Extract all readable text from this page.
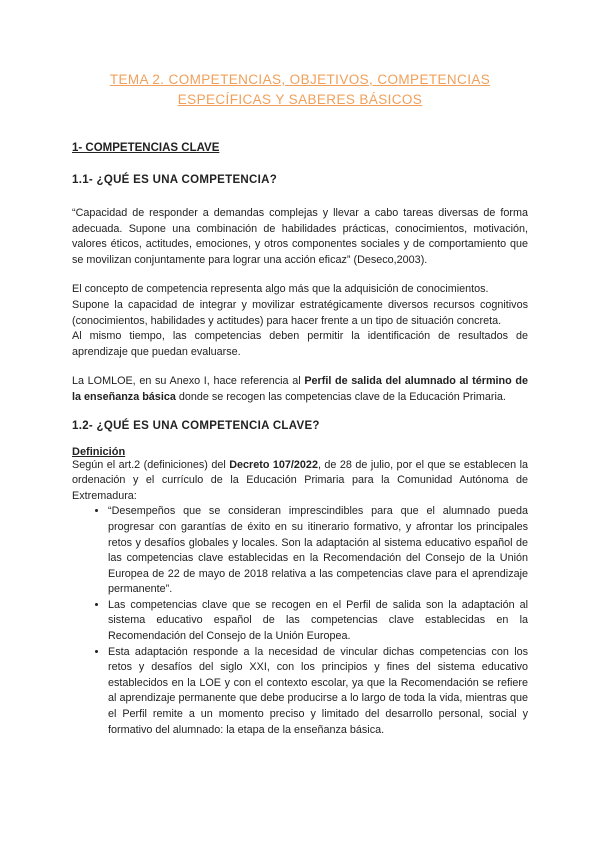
TEMA 2. COMPETENCIAS, OBJETIVOS, COMPETENCIAS ESPECÍFICAS Y SABERES BÁSICOS
1- COMPETENCIAS CLAVE
1.1- ¿QUÉ ES UNA COMPETENCIA?

“Capacidad de responder a demandas complejas y llevar a cabo tareas diversas de forma adecuada. Supone una combinación de habilidades prácticas, conocimientos, motivación, valores éticos, actitudes, emociones, y otros componentes sociales y de comportamiento que se movilizan conjuntamente para lograr una acción eficaz” (Deseco,2003).

El concepto de competencia representa algo más que la adquisición de conocimientos.

Supone la capacidad de integrar y movilizar estratégicamente diversos recursos cognitivos (conocimientos, habilidades y actitudes) para hacer frente a un tipo de situación concreta.

Al mismo tiempo, las competencias deben permitir la identificación de resultados de aprendizaje que puedan evaluarse.

La LOMLOE, en su Anexo I, hace referencia al Perfil de salida del alumnado al término de la enseñanza básica donde se recogen las competencias clave de la Educación Primaria.

1.2- ¿QUÉ ES UNA COMPETENCIA CLAVE?
Definición

Según el art.2 (definiciones) del Decreto 107/2022, de 28 de julio, por el que se establecen la ordenación y el currículo de la Educación Primaria para la Comunidad Autónoma de Extremadura:

• “Desempeños que se consideran imprescindibles para que el alumnado pueda progresar con garantías de éxito en su itinerario formativo, y afrontar los principales retos y desafíos globales y locales. Son la adaptación al sistema educativo español de las competencias clave establecidas en la Recomendación del Consejo de la Unión Europea de 22 de mayo de 2018 relativa a las competencias clave para el aprendizaje permanente”.
• Las competencias clave que se recogen en el Perfil de salida son la adaptación al sistema educativo español de las competencias clave establecidas en la Recomendación del Consejo de la Unión Europea.
• Esta adaptación responde a la necesidad de vincular dichas competencias con los retos y desafíos del siglo XXI, con los principios y fines del sistema educativo establecidos en la LOE y con el contexto escolar, ya que la Recomendación se refiere al aprendizaje permanente que debe producirse a lo largo de toda la vida, mientras que el Perfil remite a un momento preciso y limitado del desarrollo personal, social y formativo del alumnado: la etapa de la enseñanza básica.
